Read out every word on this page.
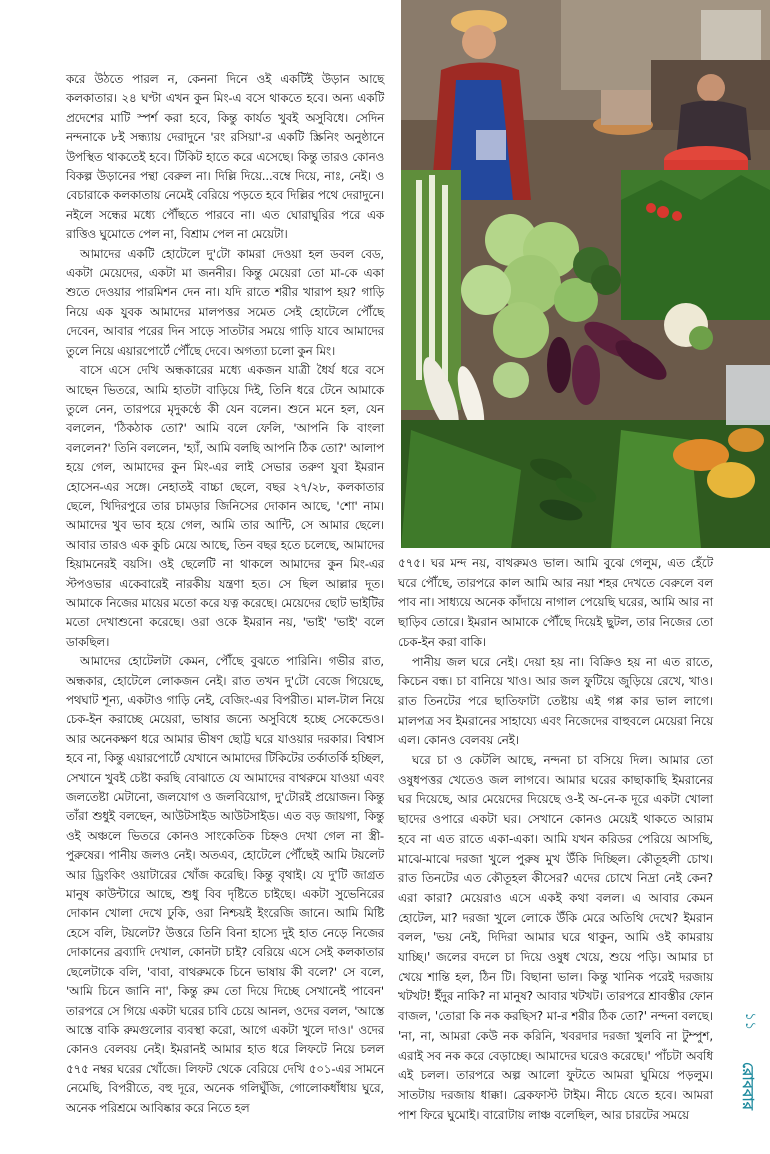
করে উঠতে পারল ন, কেননা দিনে ওই একটিই উড়ান আছে কলকাতার। ২৪ ঘণ্টা এখন কুন মিং-এ বসে থাকতে হবে। অন্য একটি প্রদেশের মাটি স্পর্শ করা হবে, কিন্তু কার্যত খুবই অসুবিধে। সেদিন নন্দনাকে ৮ই সন্ধ্যায় দেরাদুনে 'রং রসিয়া'-র একটি স্ক্রিনিং অনুষ্ঠানে উপস্থিত থাকতেই হবে। টিকিট হাতে করে এসেছে। কিন্তু তারও কোনও বিকল্প উড়ানের পন্থা বেরুল না। দিল্লি দিয়ে...বম্বে দিয়ে, নাঃ, নেই। ও বেচারাকে কলকাতায় নেমেই বেরিয়ে পড়তে হবে দিল্লির পথে দেরাদুনে। নইলে সন্ধের মধ্যে পৌঁছতে পারবে না। এত ঘোরাঘুরির পরে এক রাত্তিও ঘুমোতে পেল না, বিশ্রাম পেল না মেয়েটা।

আমাদের একটি হোটেলে দু'টো কামরা দেওয়া হল ডবল বেড, একটা মেয়েদের, একটা মা জননীর। কিন্তু মেয়েরা তো মা-কে একা শুতে দেওয়ার পারমিশন দেন না। যদি রাতে শরীর খারাপ হয়? গাড়ি নিয়ে এক যুবক আমাদের মালপত্তর সমেত সেই হোটেলে পৌঁছে দেবেন, আবার পরের দিন সাড়ে সাতটার সময়ে গাড়ি যাবে আমাদের তুলে নিয়ে এয়ারপোর্টে পৌঁছে দেবে। অগত্যা চলো কুন মিং।

বাসে এসে দেখি অন্ধকারের মধ্যে একজন যাত্রী ধৈর্য ধরে বসে আছেন ভিতরে, আমি হাতটা বাড়িয়ে দিই, তিনি ধরে টেনে আমাকে তুলে নেন, তারপরে মৃদুকণ্ঠে কী যেন বলেন। শুনে মনে হল, যেন বললেন, 'ঠিকঠাক তো?' আমি বলে ফেলি, 'আপনি কি বাংলা বললেন?' তিনি বললেন, 'হ্যাঁ, আমি বলছি আপনি ঠিক তো?' আলাপ হয়ে গেল, আমাদের কুন মিং-এর লাই সেভার তরুণ যুবা ইমরান হোসেন-এর সঙ্গে। নেহাতই বাচ্চা ছেলে, বছর ২৭/২৮, কলকাতার ছেলে, খিদিরপুরে তার চামড়ার জিনিসের দোকান আছে, 'শো' নাম। আমাদের খুব ভাব হয়ে গেল, আমি তার আন্টি, সে আমার ছেলে। আবার তারও এক কুচি মেয়ে আছে, তিন বছর হতে চলেছে, আমাদের হিয়ামনেরই বয়সি। ওই ছেলেটি না থাকলে আমাদের কুন মিং-এর স্টপওভার একেবারেই নারকীয় যন্ত্রণা হত। সে ছিল আল্লার দূত। আমাকে নিজের মায়ের মতো করে যত্ন করেছে। মেয়েদের ছোট ভাইটির মতো দেখাশুনো করেছে। ওরা ওকে ইমরান নয়, 'ভাই' 'ভাই' বলে ডাকছিল।

আমাদের হোটেলটা কেমন, পৌঁছে বুঝতে পারিনি। গভীর রাত, অন্ধকার, হোটেলে লোকজন নেই। রাত তখন দু'টো বেজে গিয়েছে, পথঘাট শূন্য, একটাও গাড়ি নেই, বেজিং-এর বিপরীত। মাল-টাল নিয়ে চেক-ইন করাচ্ছে মেয়েরা, ভাষার জন্যে অসুবিধে হচ্ছে সেকেন্ডেও। আর অনেকক্ষণ ধরে আমার ভীষণ ছোট্ট ঘরে যাওয়ার দরকার। বিশ্বাস হবে না, কিন্তু এয়ারপোর্টে যেখানে আমাদের টিকিটের তর্কাতর্কি হচ্ছিল, সেখানে খুবই চেষ্টা করছি বোঝাতে যে আমাদের বাথরুমে যাওয়া এবং জলতেষ্টা মেটানো, জলযোগ ও জলবিয়োগ, দু'টোরই প্রয়োজন। কিন্তু তাঁরা শুধুই বলছেন, আউটসাইড আউটসাইড। এত বড় জায়গা, কিন্তু ওই অঞ্চলে ভিতরে কোনও সাংকেতিক চিহ্নও দেখা গেল না স্ত্রী-পুরুষের। পানীয় জলও নেই। অতএব, হোটেলে পৌঁছেই আমি টয়লেট আর ড্রিংকিং ওয়াটারের খোঁজ করেছি। কিন্তু বৃথাই। যে দু'টি জাগ্রত মানুষ কাউন্টারে আছে, শুধু বিব দৃষ্টিতে চাইছে। একটা সুভেনিরের দোকান খোলা দেখে ঢুকি, ওরা নিশ্চয়ই ইংরেজি জানে। আমি মিষ্টি হেসে বলি, টয়লেট? উত্তরে তিনি বিনা হাস্যে দুই হাত নেড়ে নিজের দোকানের ব্রব্যাদি দেখাল, কোনটা চাই? বেরিয়ে এসে সেই কলকাতার ছেলেটাকে বলি, 'বাবা, বাথরুমকে চিনে ভাষায় কী বলে?' সে বলে, 'আমি চিনে জানি না', কিন্তু রুম তো দিয়ে দিচ্ছে সেখানেই পাবেন' তারপরে সে গিয়ে একটা ঘরের চাবি চেয়ে আনল, ওদের বলল, 'আস্তে আস্তে বাকি রুমগুলোর ব্যবস্থা করো, আগে একটা খুলে দাও।' ওদের কোনও বেলবয় নেই। ইমরানই আমার হাত ধরে লিফটে নিয়ে চলল ৫৭৫ নম্বর ঘরের খোঁজে। লিফট থেকে বেরিয়ে দেখি ৫০১-এর সামনে নেমেছি, বিপরীতে, বহু দূরে, অনেক গলিঘুঁজি, গোলোকধাঁধায় ঘুরে, অনেক পরিশ্রমে আবিষ্কার করে নিতে হল

৫৭৫। ঘর মন্দ নয়, বাথরুমও ভাল। আমি বুঝে গেলুম, এত হেঁটে ঘরে পৌঁছে, তারপরে কাল আমি আর নয়া শহর দেখতে বেরুলে বল পাব না। সাধ্যয়ে অনেক কাঁদায়ে নাগাল পেয়েছি ঘরের, আমি আর না ছাড়িব তোরে। ইমরান আমাকে পৌঁছে দিয়েই ছুটল, তার নিজের তো চেক-ইন করা বাকি।

পানীয় জল ঘরে নেই। দেয়া হয় না। বিক্রিও হয় না এত রাতে, কিচেন বন্ধ। চা বানিয়ে খাও। আর জল ফুটিয়ে জুড়িয়ে রেখে, খাও। রাত তিনটের পরে ছাতিফাটা তেষ্টায় এই গপ্প কার ভাল লাগে। মালপত্র সব ইমরানের সাহায্যে এবং নিজেদের বাহুবলে মেয়েরা নিয়ে এল। কোনও বেলবয় নেই।

ঘরে চা ও কেটলি আছে, নন্দনা চা বসিয়ে দিল। আমার তো ওষুধপত্তর খেতেও জল লাগবে। আমার ঘরের কাছাকাছি ইমরানের ঘর দিয়েছে, আর মেয়েদের দিয়েছে ও-ই অ-নে-ক দূরে একটা খোলা ছাদের ওপারে একটা ঘর। সেখানে কোনও মেয়েই থাকতে আরাম হবে না এত রাতে একা-একা। আমি যখন করিডর পেরিয়ে আসছি, মাঝে-মাঝে দরজা খুলে পুরুষ মুখ উঁকি দিচ্ছিল। কৌতূহলী চোখ। রাত তিনটের এত কৌতূহল কীসের? এদের চোখে নিদ্রা নেই কেন? এরা কারা? মেয়েরাও এসে একই কথা বলল। এ আবার কেমন হোটেল, মা? দরজা খুলে লোকে উঁকি মেরে অতিথি দেখে? ইমরান বলল, 'ভয় নেই, দিদিরা আমার ঘরে থাকুন, আমি ওই কামরায় যাচ্ছি।' জলের বদলে চা দিয়ে ওষুধ খেয়ে, শুয়ে পড়ি। আমার চা খেয়ে শান্তি হল, ঠিন টি। বিছানা ভাল। কিন্তু খানিক পরেই দরজায় খটখট! ইঁদুর নাকি? না মানুষ? আবার খটখট। তারপরে শ্রাবস্তীর ফোন বাজল, 'তোরা কি নক করছিস? মা-র শরীর ঠিক তো?' নন্দনা বলছে। 'না, না, আমরা কেউ নক করিনি, খবরদার দরজা খুলবি না টুম্পুশ, এরাই সব নক করে বেড়াচ্ছে। আমাদের ঘরেও করেছে।' পাঁচটা অবধি এই চলল। তারপরে অল্প আলো ফুটতে আমরা ঘুমিয়ে পড়লুম। সাতটায় দরজায় ধাক্কা। ব্রেকফাস্ট টাইম। নীচে যেতে হবে। আমরা পাশ ফিরে ঘুমোই। বারোটায় লাঞ্চ বলেছিল, আর চারটের সময়ে

১১
রোববার
